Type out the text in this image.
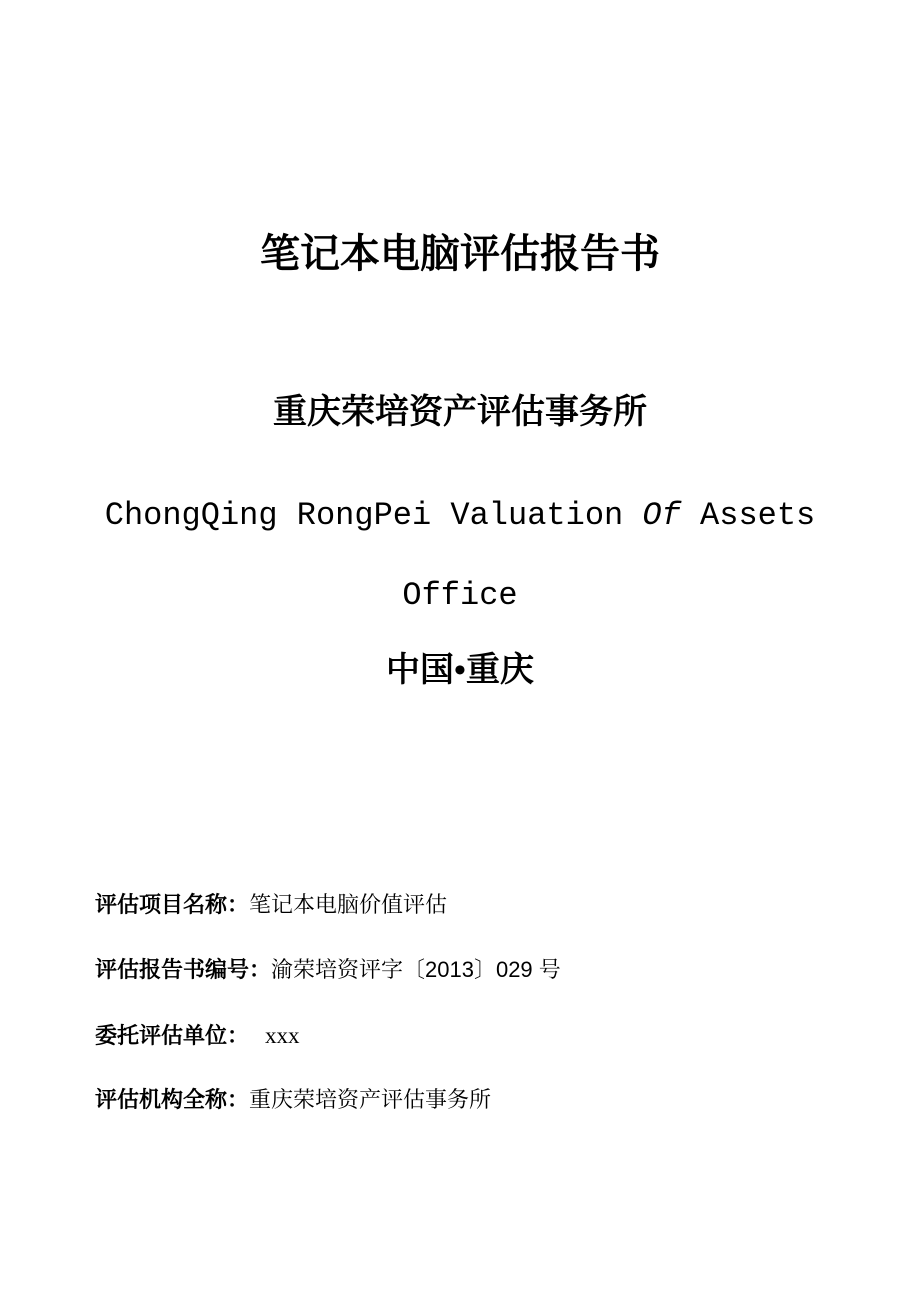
笔记本电脑评估报告书
重庆荣培资产评估事务所
ChongQing RongPei Valuation Of Assets
Office
中国•重庆
评估项目名称：笔记本电脑价值评估
评估报告书编号：渝荣培资评字〔2013〕029 号
委托评估单位： xxx
评估机构全称：重庆荣培资产评估事务所
